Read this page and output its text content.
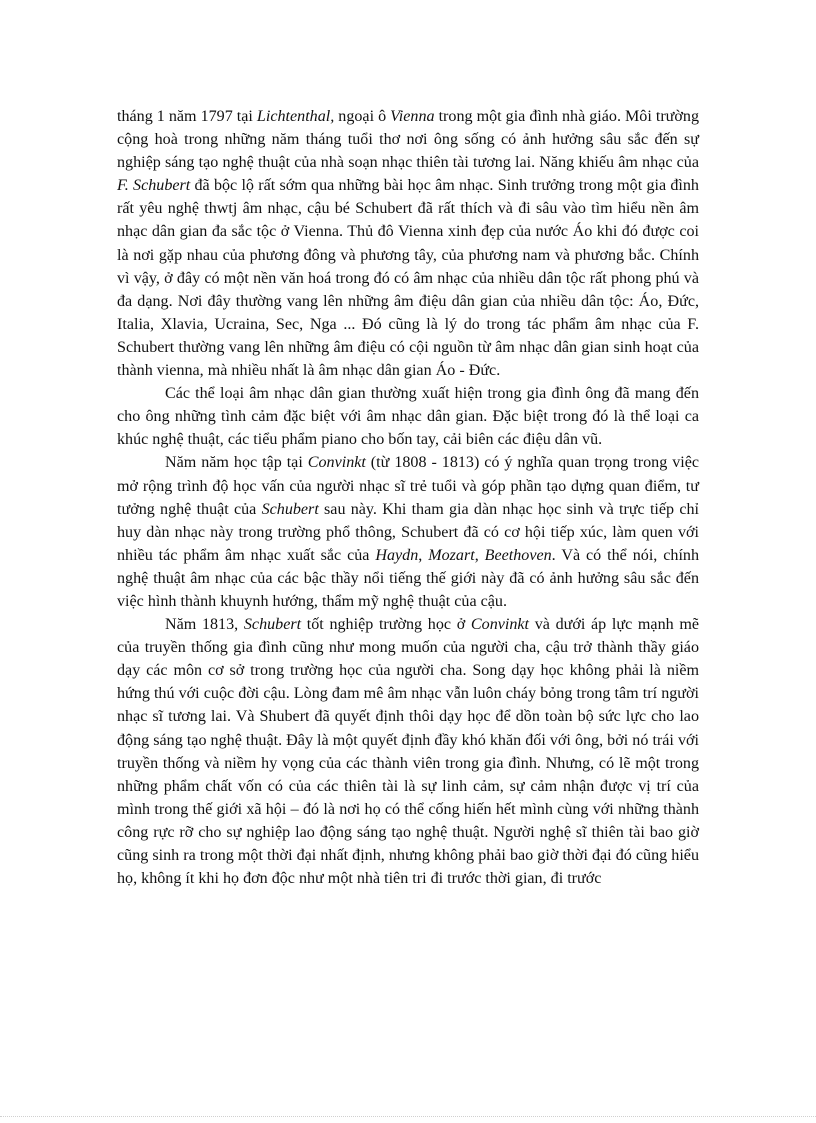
tháng 1 năm 1797 tại Lichtenthal, ngoại ô Vienna trong một gia đình nhà giáo. Môi trường cộng hoà trong những năm tháng tuổi thơ nơi ông sống có ảnh hưởng sâu sắc đến sự nghiệp sáng tạo nghệ thuật của nhà soạn nhạc thiên tài tương lai. Năng khiếu âm nhạc của F. Schubert đã bộc lộ rất sớm qua những bài học âm nhạc. Sinh trưởng trong một gia đình rất yêu nghệ thwtj âm nhạc, cậu bé Schubert đã rất thích và đi sâu vào tìm hiểu nền âm nhạc dân gian đa sắc tộc ở Vienna. Thủ đô Vienna xinh đẹp của nước Áo khi đó được coi là nơi gặp nhau của phương đông và phương tây, của phương nam và phương bắc. Chính vì vậy, ở đây có một nền văn hoá trong đó có âm nhạc của nhiều dân tộc rất phong phú và đa dạng. Nơi đây thường vang lên những âm điệu dân gian của nhiều dân tộc: Áo, Đức, Italia, Xlavia, Ucraina, Sec, Nga ... Đó cũng là lý do trong tác phẩm âm nhạc của F. Schubert thường vang lên những âm điệu có cội nguồn từ âm nhạc dân gian sinh hoạt của thành vienna, mà nhiều nhất là âm nhạc dân gian Áo - Đức.

Các thể loại âm nhạc dân gian thường xuất hiện trong gia đình ông đã mang đến cho ông những tình cảm đặc biệt với âm nhạc dân gian. Đặc biệt trong đó là thể loại ca khúc nghệ thuật, các tiểu phẩm piano cho bốn tay, cải biên các điệu dân vũ.

Năm năm học tập tại Convinkt (từ 1808 - 1813) có ý nghĩa quan trọng trong việc mở rộng trình độ học vấn của người nhạc sĩ trẻ tuổi và góp phần tạo dựng quan điểm, tư tưởng nghệ thuật của Schubert sau này. Khi tham gia dàn nhạc học sinh và trực tiếp chỉ huy dàn nhạc này trong trường phổ thông, Schubert đã có cơ hội tiếp xúc, làm quen với nhiều tác phẩm âm nhạc xuất sắc của Haydn, Mozart, Beethoven. Và có thể nói, chính nghệ thuật âm nhạc của các bậc thầy nổi tiếng thế giới này đã có ảnh hưởng sâu sắc đến việc hình thành khuynh hướng, thẩm mỹ nghệ thuật của cậu.

Năm 1813, Schubert tốt nghiệp trường học ở Convinkt và dưới áp lực mạnh mẽ của truyền thống gia đình cũng như mong muốn của người cha, cậu trở thành thầy giáo dạy các môn cơ sở trong trường học của người cha. Song dạy học không phải là niềm hứng thú với cuộc đời cậu. Lòng đam mê âm nhạc vẫn luôn cháy bỏng trong tâm trí người nhạc sĩ tương lai. Và Shubert đã quyết định thôi dạy học để dồn toàn bộ sức lực cho lao động sáng tạo nghệ thuật. Đây là một quyết định đầy khó khăn đối với ông, bởi nó trái với truyền thống và niềm hy vọng của các thành viên trong gia đình. Nhưng, có lẽ một trong những phẩm chất vốn có của các thiên tài là sự linh cảm, sự cảm nhận được vị trí của mình trong thế giới xã hội – đó là nơi họ có thể cống hiến hết mình cùng với những thành công rực rỡ cho sự nghiệp lao động sáng tạo nghệ thuật. Người nghệ sĩ thiên tài bao giờ cũng sinh ra trong một thời đại nhất định, nhưng không phải bao giờ thời đại đó cũng hiểu họ, không ít khi họ đơn độc như một nhà tiên tri đi trước thời gian, đi trước
